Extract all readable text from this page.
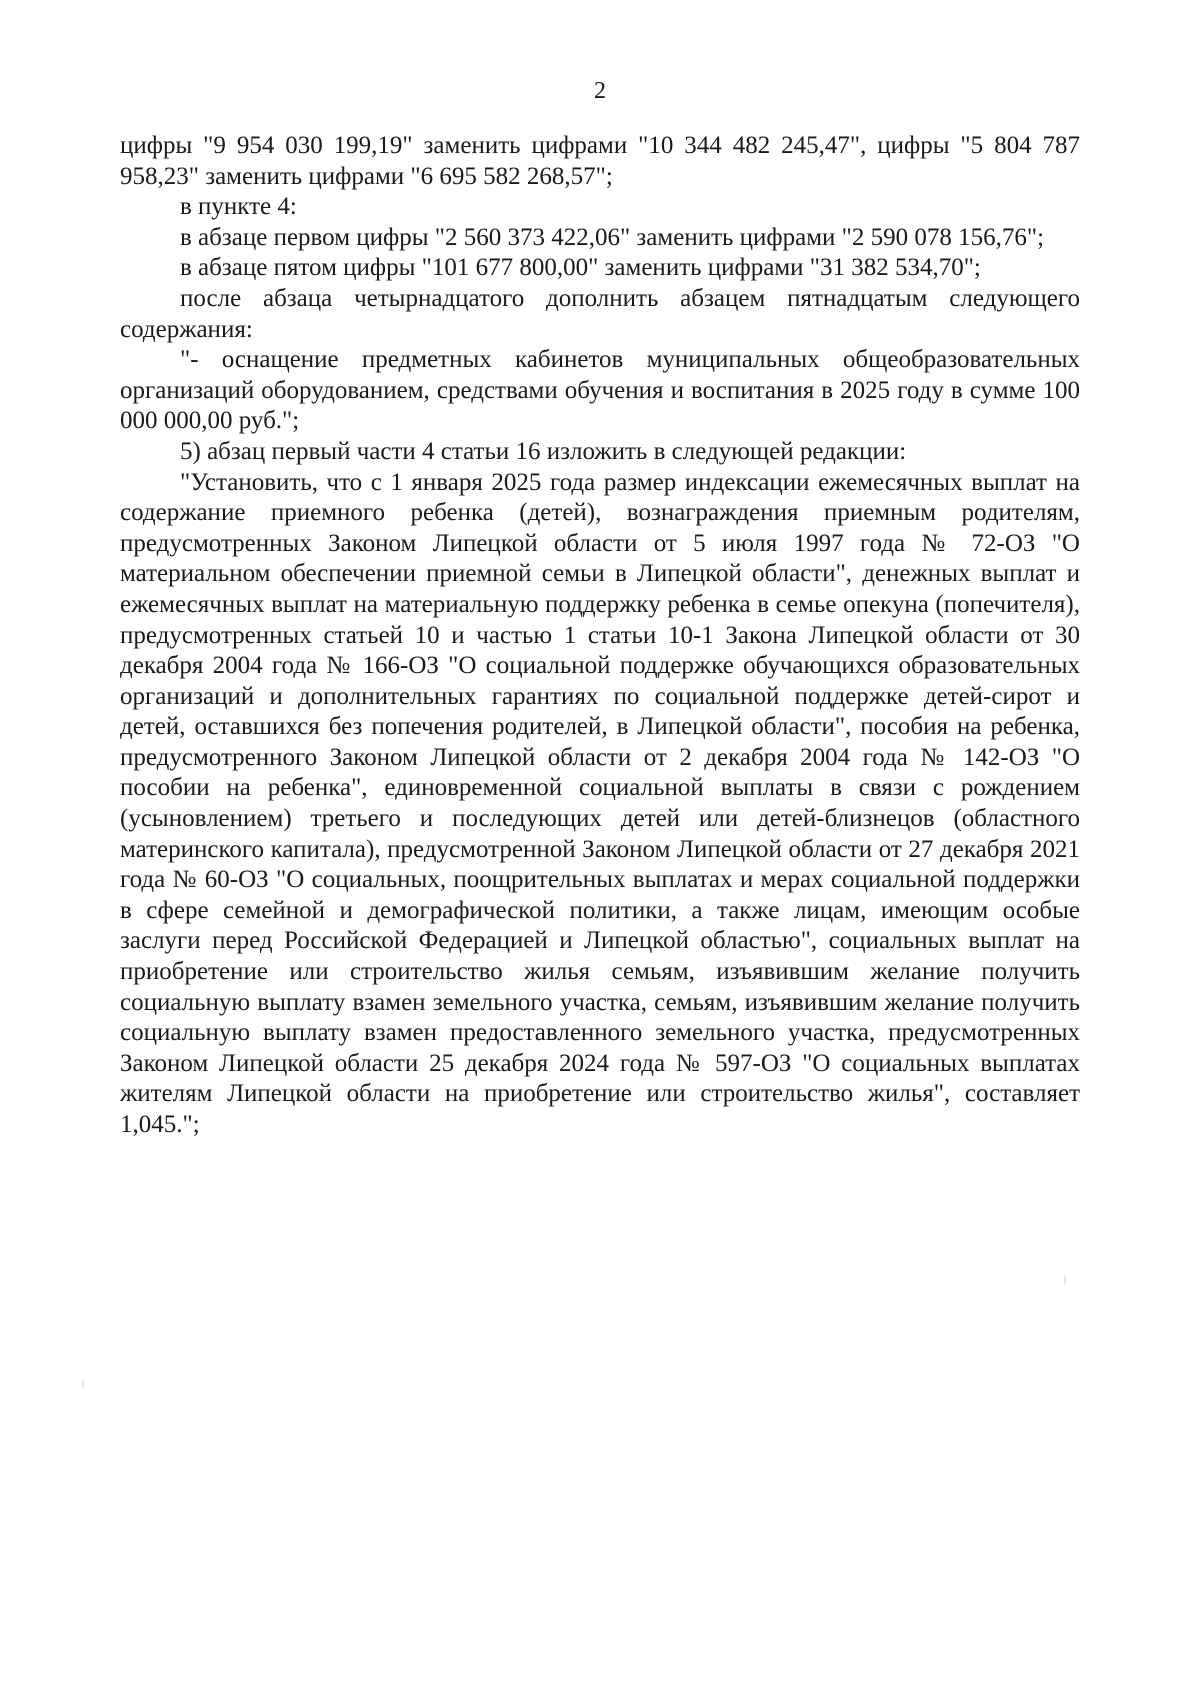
2

цифры "9 954 030 199,19" заменить цифрами "10 344 482 245,47", цифры "5 804 787 958,23" заменить цифрами "6 695 582 268,57";

в пункте 4:

в абзаце первом цифры "2 560 373 422,06" заменить цифрами "2 590 078 156,76";

в абзаце пятом цифры "101 677 800,00" заменить цифрами "31 382 534,70";

после абзаца четырнадцатого дополнить абзацем пятнадцатым следующего содержания:

"- оснащение предметных кабинетов муниципальных общеобразовательных организаций оборудованием, средствами обучения и воспитания в 2025 году в сумме 100 000 000,00 руб.";

5) абзац первый части 4 статьи 16 изложить в следующей редакции:

"Установить, что с 1 января 2025 года размер индексации ежемесячных выплат на содержание приемного ребенка (детей), вознаграждения приемным родителям, предусмотренных Законом Липецкой области от 5 июля 1997 года № 72-ОЗ "О материальном обеспечении приемной семьи в Липецкой области", денежных выплат и ежемесячных выплат на материальную поддержку ребенка в семье опекуна (попечителя), предусмотренных статьей 10 и частью 1 статьи 10-1 Закона Липецкой области от 30 декабря 2004 года № 166-ОЗ "О социальной поддержке обучающихся образовательных организаций и дополнительных гарантиях по социальной поддержке детей-сирот и детей, оставшихся без попечения родителей, в Липецкой области", пособия на ребенка, предусмотренного Законом Липецкой области от 2 декабря 2004 года № 142-ОЗ "О пособии на ребенка", единовременной социальной выплаты в связи с рождением (усыновлением) третьего и последующих детей или детей-близнецов (областного материнского капитала), предусмотренной Законом Липецкой области от 27 декабря 2021 года № 60-ОЗ "О социальных, поощрительных выплатах и мерах социальной поддержки в сфере семейной и демографической политики, а также лицам, имеющим особые заслуги перед Российской Федерацией и Липецкой областью", социальных выплат на приобретение или строительство жилья семьям, изъявившим желание получить социальную выплату взамен земельного участка, семьям, изъявившим желание получить социальную выплату взамен предоставленного земельного участка, предусмотренных Законом Липецкой области 25 декабря 2024 года № 597-ОЗ "О социальных выплатах жителям Липецкой области на приобретение или строительство жилья", составляет 1,045.";
